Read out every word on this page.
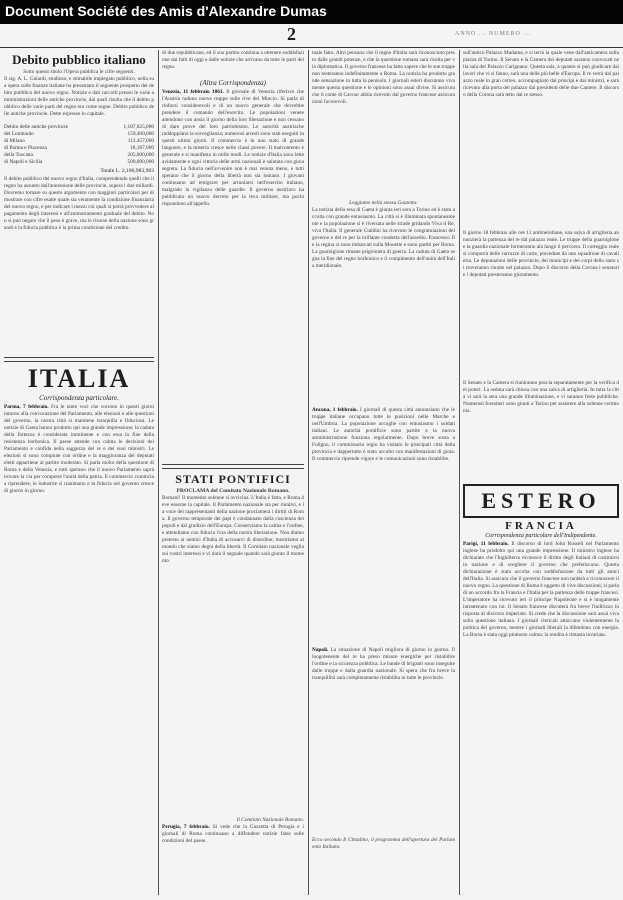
Document Société des Amis d'Alexandre Dumas
2	ANNO ... NUMERO ...
Debito pubblico italiano
Sotto questo titolo l'Opera pubblica le cifre seguenti.
Il sig. A. L. Galardi, studioso, e stimabile impiegato pubblico, nella sua opera sulle finanze italiane ha presentato il seguente prospetto del debito pubblico del nuovo regno. Notizie e dati raccolti presso le varie amministrazioni delle antiche provincie, dai quali risulta che il debito pubblico delle varie parti del regno era come segue. Debito pubblico delle antiche provincie. Dette espresse in capitale.
Debito delle antiche provincie	1,187,025,000
del Lombardo	159,400,000
di Milano	113,457,000
di Parma e Piacenza	18,187,000
della Toscana	205,000,000
di Napoli e Sicilia	500,000,000
Totale L. 2,186,983,983
Il debito pubblico del nuovo regno d'Italia, comprendendo quelli che il regno ha assunto dall'annessione delle provincie, supera i due miliardi. Dovremo tornare su questo argomento con maggiori particolari per dimostrare con cifre esatte quale sia veramente la condizione finanziaria del nuovo regno, e per indicare i mezzi coi quali si potrà provvedere al pagamento degli interessi e all'ammortamento graduale del debito. Non si può negare che il peso è grave, ma le risorse della nazione sono grandi e la fiducia pubblica è la prima condizione del credito.
ITALIA
Corrispondenza particolare.
Parma, 7 febbraio. Fra le tante voci che corrono in questi giorni intorno alla convocazione del Parlamento, alle elezioni e alle questioni del governo, la nostra città si mantiene tranquilla e fiduciosa. Le notizie di Gaeta hanno prodotto qui una grande impressione; la caduta della fortezza è considerata imminente e con essa la fine della resistenza borbonica. Il paese attende con calma le decisioni del Parlamento e confida nella saggezza del re e dei suoi ministri. Le elezioni si sono compiute con ordine e la maggioranza dei deputati eletti appartiene al partito moderato. Si parla molto della questione di Roma e della Venezia, e tutti sperano che il nuovo Parlamento saprà trovare la via per compiere l'unità della patria. Il commercio comincia a riprendere, le industrie si rianimano e la fiducia nel governo cresce di giorno in giorno.
di due repubblicane, ed il suo partito continua a ottenere soddisfazione dai fatti di oggi e dalle notizie che arrivano da tutte le parti del regno.
(Altra Corrispondenza)
Venezia, 11 febbraio 1861. Il giornale di Venezia riferisce che l'Austria raduna nuove truppe sulle rive del Mincio. Si parla di rinforzi considerevoli e di un nuovo generale che dovrebbe prendere il comando dell'esercito. Le popolazioni venete attendono con ansia il giorno della loro liberazione e non cessano di dare prove del loro patriottismo. Le autorità austriache raddoppiano la sorveglianza; numerosi arresti sono stati eseguiti in questi ultimi giorni. Il commercio è in uno stato di grande languore, e la miseria cresce nelle classi povere. Il malcontento è generale e si manifesta in mille modi. Le notizie d'Italia sono lette avidamente e ogni vittoria delle armi nazionali è salutata con gioia segreta. La fiducia nell'avvenire non è mai venuta meno, e tutti sperano che il giorno della libertà non sia lontano. I giovani continuano ad emigrare per arruolarsi nell'esercito italiano, malgrado la vigilanza delle guardie. Il governo austriaco ha pubblicato un nuovo decreto per la leva militare, ma pochi rispondono all'appello.
STATI PONTIFICI
PROCLAMA del Comitato Nazionale Romano.
Romani! Il momento solenne si avvicina. L'Italia è fatta, e Roma deve esserne la capitale. Il Parlamento nazionale sta per riunirsi, e la voce dei rappresentanti della nazione proclamerà i diritti di Roma. Il governo temporale dei papi è condannato dalla coscienza dei popoli e dal giudizio dell'Europa. Conserviamo la calma e l'ordine, e attendiamo con fiducia l'ora della nostra liberazione. Non diamo pretesto ai nemici d'Italia di accusarci di disordine; mostriamo al mondo che siamo degni della libertà. Il Comitato nazionale veglia sui vostri interessi e vi darà il segnale quando sarà giunto il momento.
Il Comitato Nazionale Romano.
Perugia, 7 febbraio. Si vede che la Gazzetta di Perugia e i giornali di Roma continuano a diffondere notizie false sulle condizioni del paese.
tuale fatto. Altri pensano che il regno d'Italia sarà riconosciuto presto dalle grandi potenze, e che la questione romana sarà risolta per via diplomatica. Il governo francese ha fatto sapere che le sue truppe non resteranno indefinitamente a Roma. La notizia ha prodotto grande sensazione in tutta la penisola. I giornali esteri discutono vivamente questa questione e le opinioni sono assai divise. Si assicura che il conte di Cavour abbia ricevuto dal governo francese assicurazioni favorevoli.
Leggiamo nella stessa Gazzetta:
La notizia della resa di Gaeta è giunta ieri sera a Torino ed è stata accolta con grande entusiasmo. La città si è illuminata spontaneamente e la popolazione si è riversata nelle strade gridando Viva il Re, viva l'Italia. Il generale Cialdini ha ricevuto le congratulazioni del governo e del re per la brillante condotta dell'assedio. Francesco II e la regina si sono imbarcati sulla Mouette e sono partiti per Roma. La guarnigione rimane prigioniera di guerra. La caduta di Gaeta segna la fine del regno borbonico e il compimento dell'unità dell'Italia meridionale.
Ancona, 1 febbraio. I giornali di questa città annunziano che le truppe italiane occupano tutte le posizioni nelle Marche e nell'Umbria. La popolazione accoglie con entusiasmo i soldati italiani. Le autorità pontificie sono partite e la nuova amministrazione funziona regolarmente. Dopo breve sosta a Foligno, il commissario regio ha visitato le principali città della provincia e dappertutto è stato accolto con manifestazioni di gioia. Il commercio riprende vigore e le comunicazioni sono ristabilite.
Napoli. La situazione di Napoli migliora di giorno in giorno. Il luogotenente del re ha preso misure energiche per ristabilire l'ordine e la sicurezza pubblica. Le bande di briganti sono inseguite dalle truppe e dalla guardia nazionale. Si spera che fra breve la tranquillità sarà completamente ristabilita in tutte le provincie.
Ecco secondo Il Cittadino, il programma dell'apertura del Parlamento Italiano.
sull'antico Palazzo Madama, e si terrà la quale vene dall'anticamera sulla piazza di Torino. Il Senato e la Camera dei deputati saranno convocati nella sala del Palazzo Carignano. Questa sala, a quanto si può giudicare dai lavori che vi si fanno, sarà una delle più belle d'Europa. Il re verrà dal palazzo reale in gran corteo, accompagnato dai principi e dai ministri, e sarà ricevuto alla porta del palazzo dai presidenti delle due Camere. Il discorso della Corona sarà letto dal re stesso.
Il giorno 18 febbraio alle ore 11 antimeridiane, una salva di artiglieria annunzierà la partenza del re dal palazzo reale. Le truppe della guarnigione e la guardia nazionale formeranno ala lungo il percorso. Il corteggio reale si comporrà delle carrozze di corte, precedute da uno squadrone di cavalleria. Le deputazioni delle provincie, dei municipi e dei corpi dello stato si troveranno riunite nel palazzo. Dopo il discorso della Corona i senatori e i deputati presteranno giuramento.
Il Senato e la Camera si riuniranno poscia separatamente per la verifica dei poteri. La seduta sarà chiusa con una salva di artiglieria. In tutta la città vi sarà la sera una grande illuminazione, e vi saranno feste pubbliche. Numerosi forestieri sono giunti a Torino per assistere alla solenne cerimonia.
ESTERO
FRANCIA
Corrispondenza particolare dell'Indipendente.
Parigi, 11 febbraio. Il discorso di lord John Russell nel Parlamento inglese ha prodotto qui una grande impressione. Il ministro inglese ha dichiarato che l'Inghilterra riconosce il diritto degli Italiani di costituirsi in nazione e di scegliere il governo che preferiscono. Questa dichiarazione è stata accolta con soddisfazione da tutti gli amici dell'Italia. Si assicura che il governo francese non tarderà a riconoscere il nuovo regno. La questione di Roma è oggetto di vive discussioni; si parla di un accordo fra la Francia e l'Italia per la partenza delle truppe francesi. L'imperatore ha ricevuto ieri il principe Napoleone e si è lungamente intrattenuto con lui. Il Senato francese discuterà fra breve l'indirizzo in risposta al discorso imperiale. Si crede che la discussione sarà assai viva sulla questione italiana. I giornali clericali attaccano violentemente la politica del governo, mentre i giornali liberali la difendono con energia. La Borsa è stata oggi piuttosto calma; la rendita è rimasta invariata.
